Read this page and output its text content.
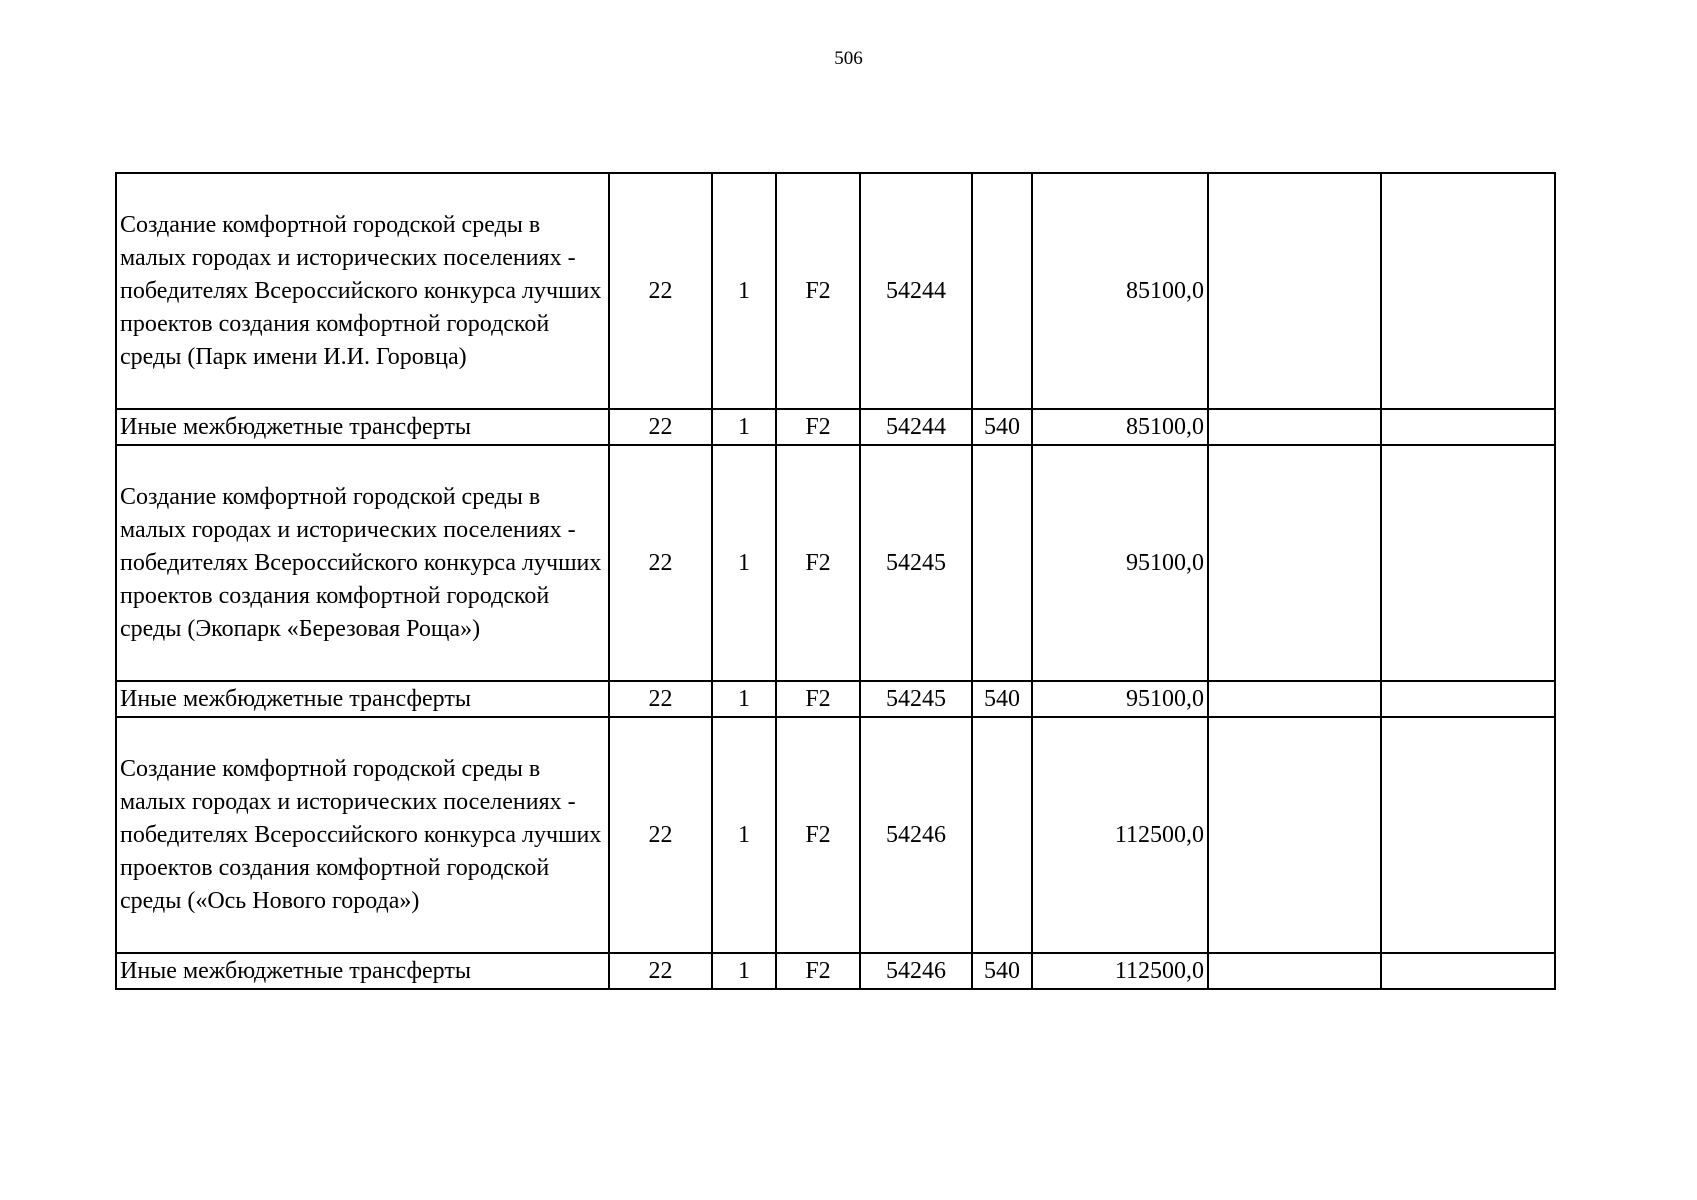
506
Создание комфортной городской среды в малых городах и исторических поселениях - победителях Всероссийского конкурса лучших проектов создания комфортной городской среды (Парк имени И.И. Горовца)	22	1	F2	54244		85100,0		
Иные межбюджетные трансферты	22	1	F2	54244	540	85100,0		
Создание комфортной городской среды в малых городах и исторических поселениях - победителях Всероссийского конкурса лучших проектов создания комфортной городской среды (Экопарк «Березовая Роща»)	22	1	F2	54245		95100,0		
Иные межбюджетные трансферты	22	1	F2	54245	540	95100,0		
Создание комфортной городской среды в малых городах и исторических поселениях - победителях Всероссийского конкурса лучших проектов создания комфортной городской среды («Ось Нового города»)	22	1	F2	54246		112500,0		
Иные межбюджетные трансферты	22	1	F2	54246	540	112500,0		
